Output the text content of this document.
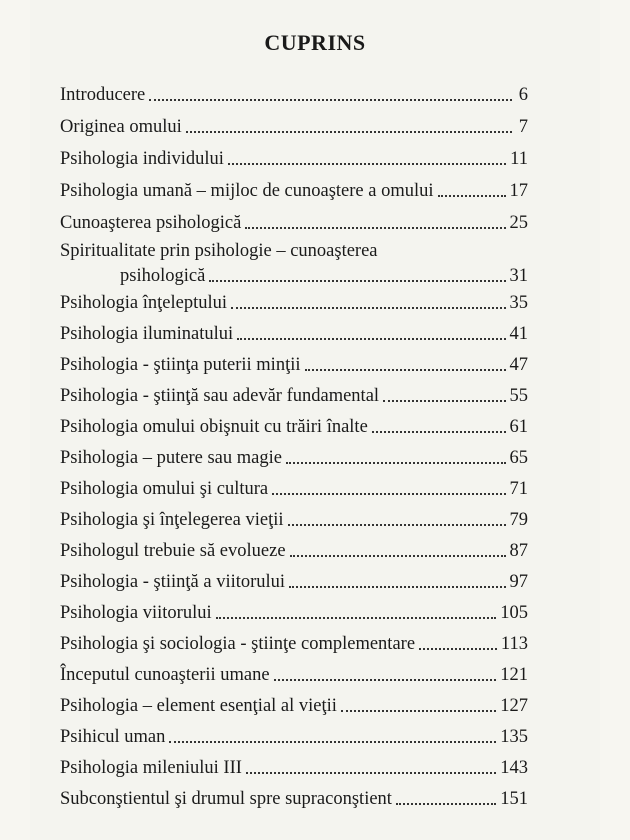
CUPRINS
Introducere	6
Originea omului	7
Psihologia individului	11
Psihologia umană – mijloc de cunoaştere a omului	17
Cunoaşterea psihologică	25
Spiritualitate prin psihologie – cunoaşterea
psihologică	31
Psihologia înţeleptului	35
Psihologia iluminatului	41
Psihologia - ştiinţa puterii minţii	47
Psihologia - ştiinţă sau adevăr fundamental	55
Psihologia omului obişnuit cu trăiri înalte	61
Psihologia – putere sau magie	65
Psihologia omului şi cultura	71
Psihologia şi înţelegerea vieţii	79
Psihologul trebuie să evolueze	87
Psihologia - ştiinţă a viitorului	97
Psihologia viitorului	105
Psihologia şi sociologia - ştiinţe complementare	113
Începutul cunoaşterii umane	121
Psihologia – element esenţial al vieţii	127
Psihicul uman	135
Psihologia mileniului III	143
Subconştientul şi drumul spre supraconştient	151
